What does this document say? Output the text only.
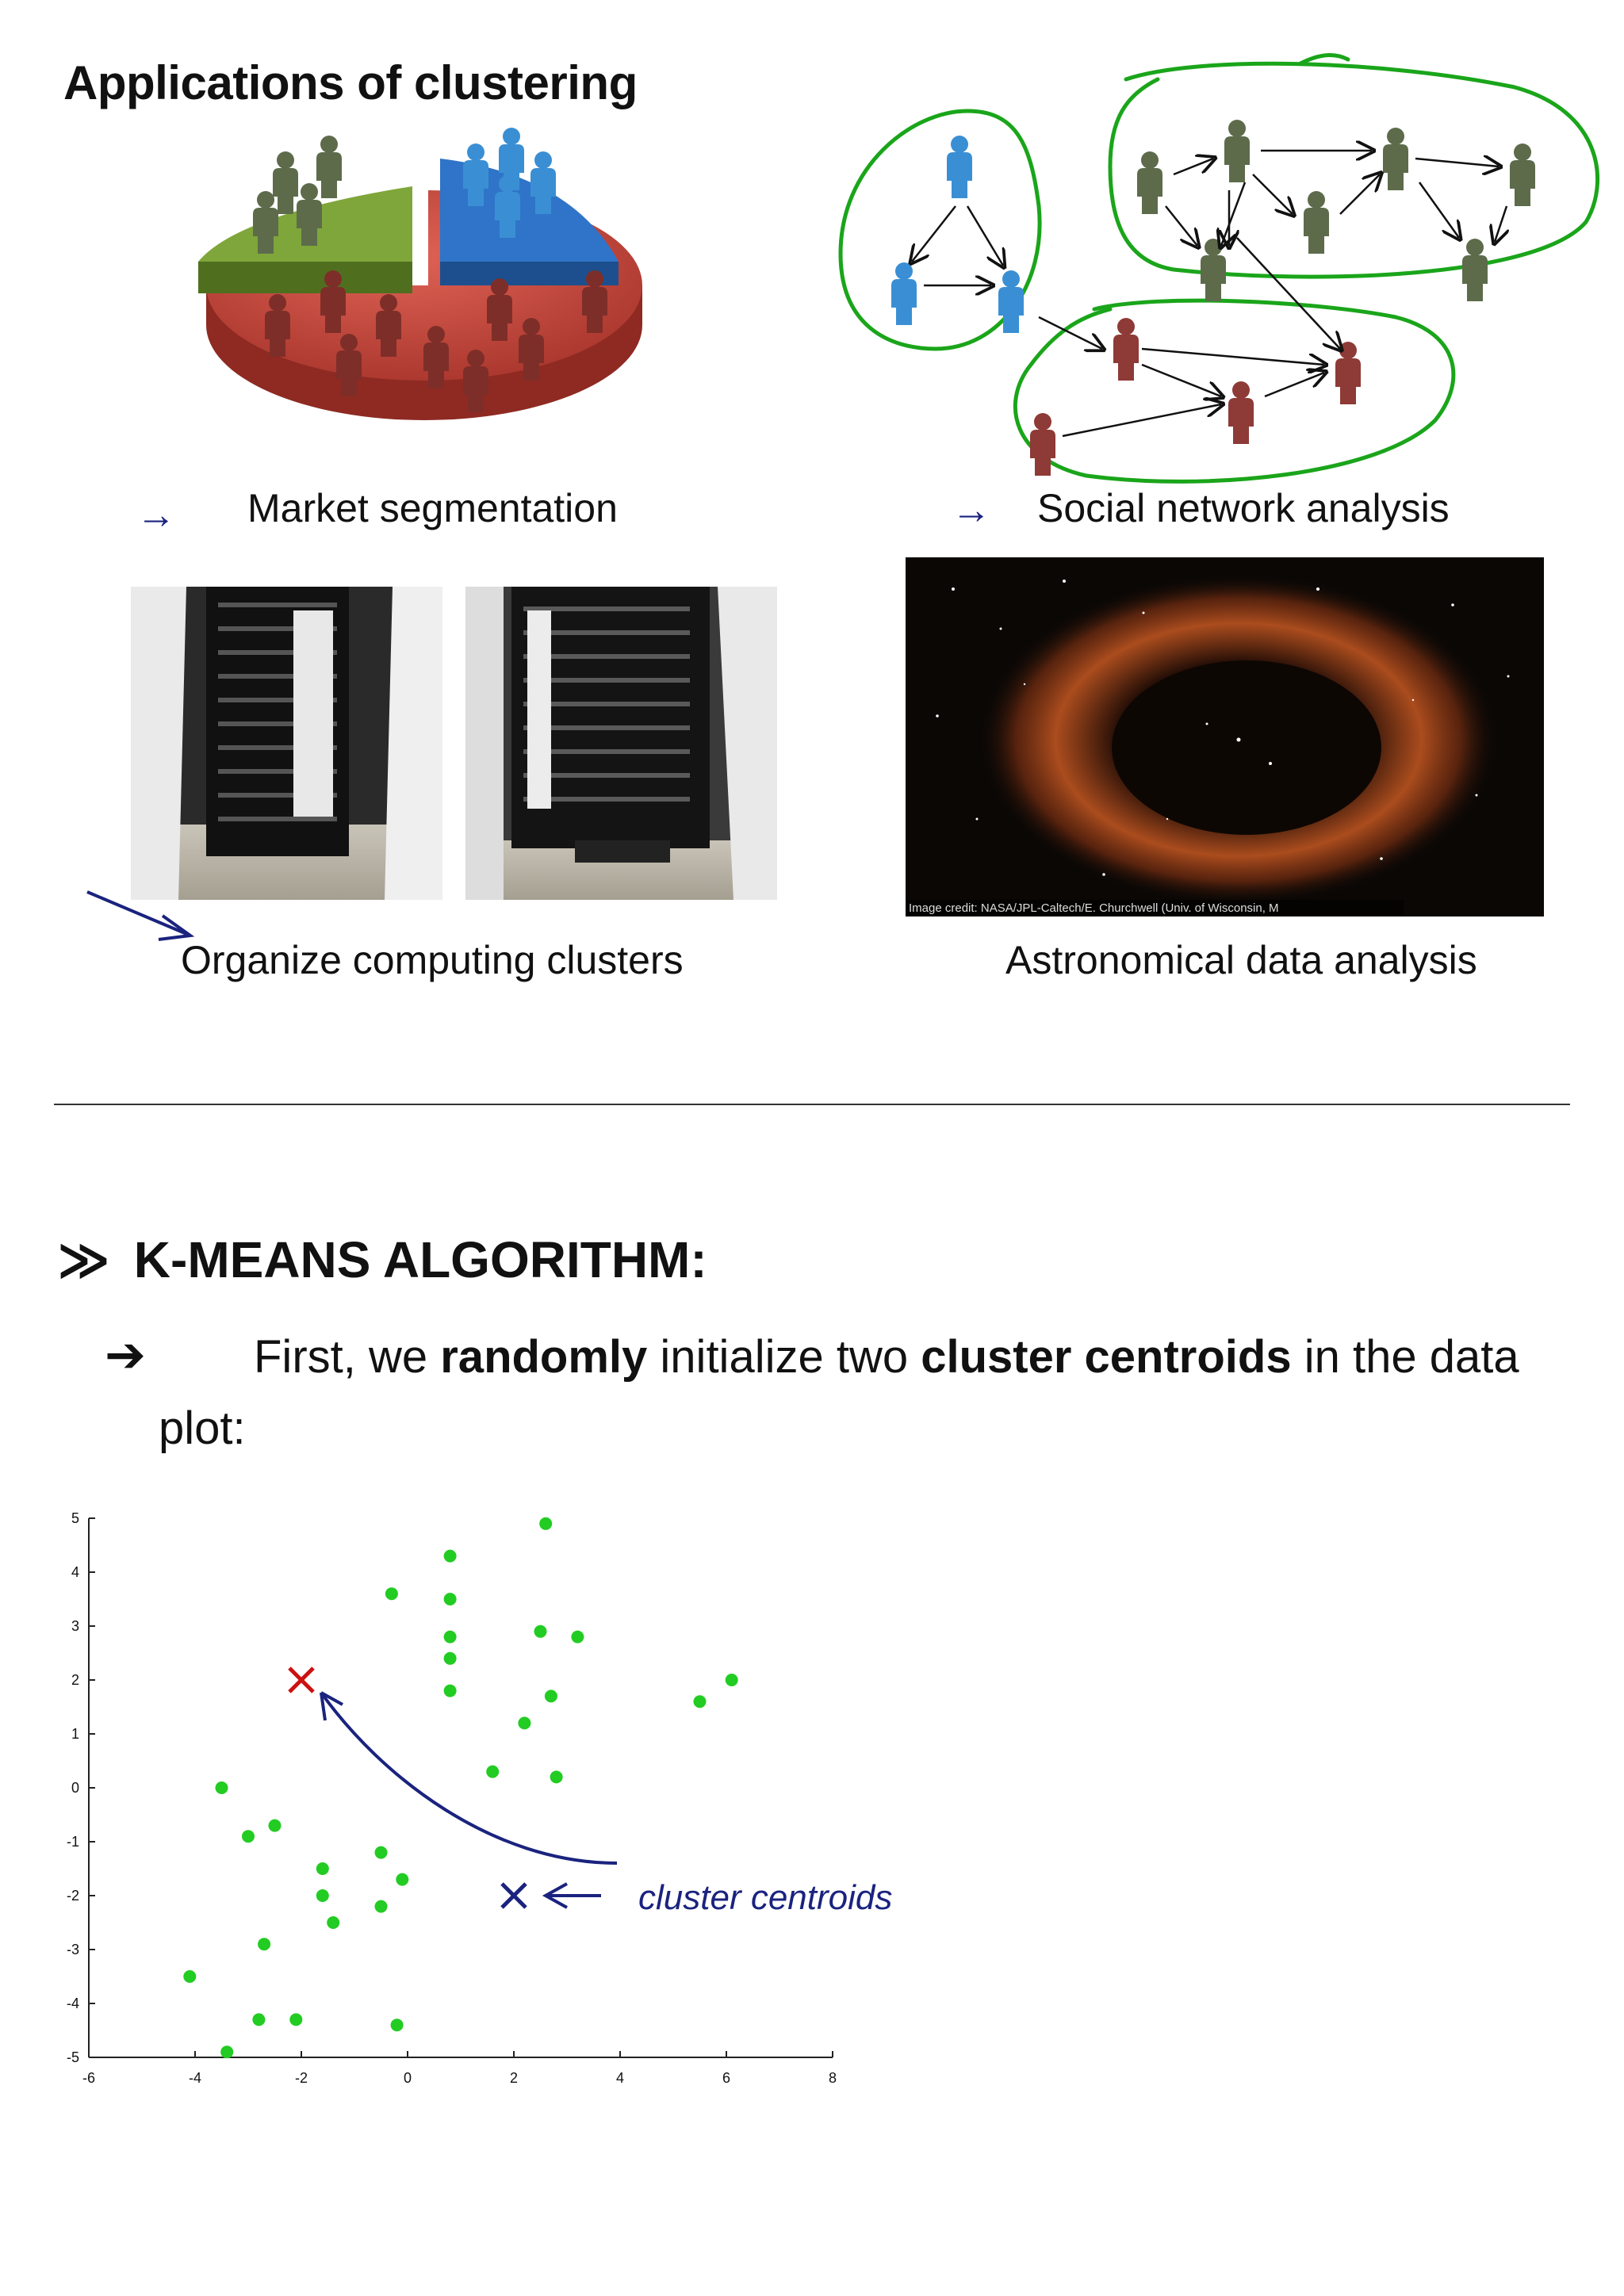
Applications of clustering
→ Market segmentation	→ Social network analysis
Image credit: NASA/JPL-Caltech/E. Churchwell (Univ. of Wisconsin, M
Organize computing clusters	Astronomical data analysis
≫ K-MEANS ALGORITHM:
➔	First, we randomly initialize two cluster centroids in the data plot:
-6	-4	-2	0	2	4	6	8
-5
-4
-3
-2
-1
0
1
2
3
4
5
cluster centroids
